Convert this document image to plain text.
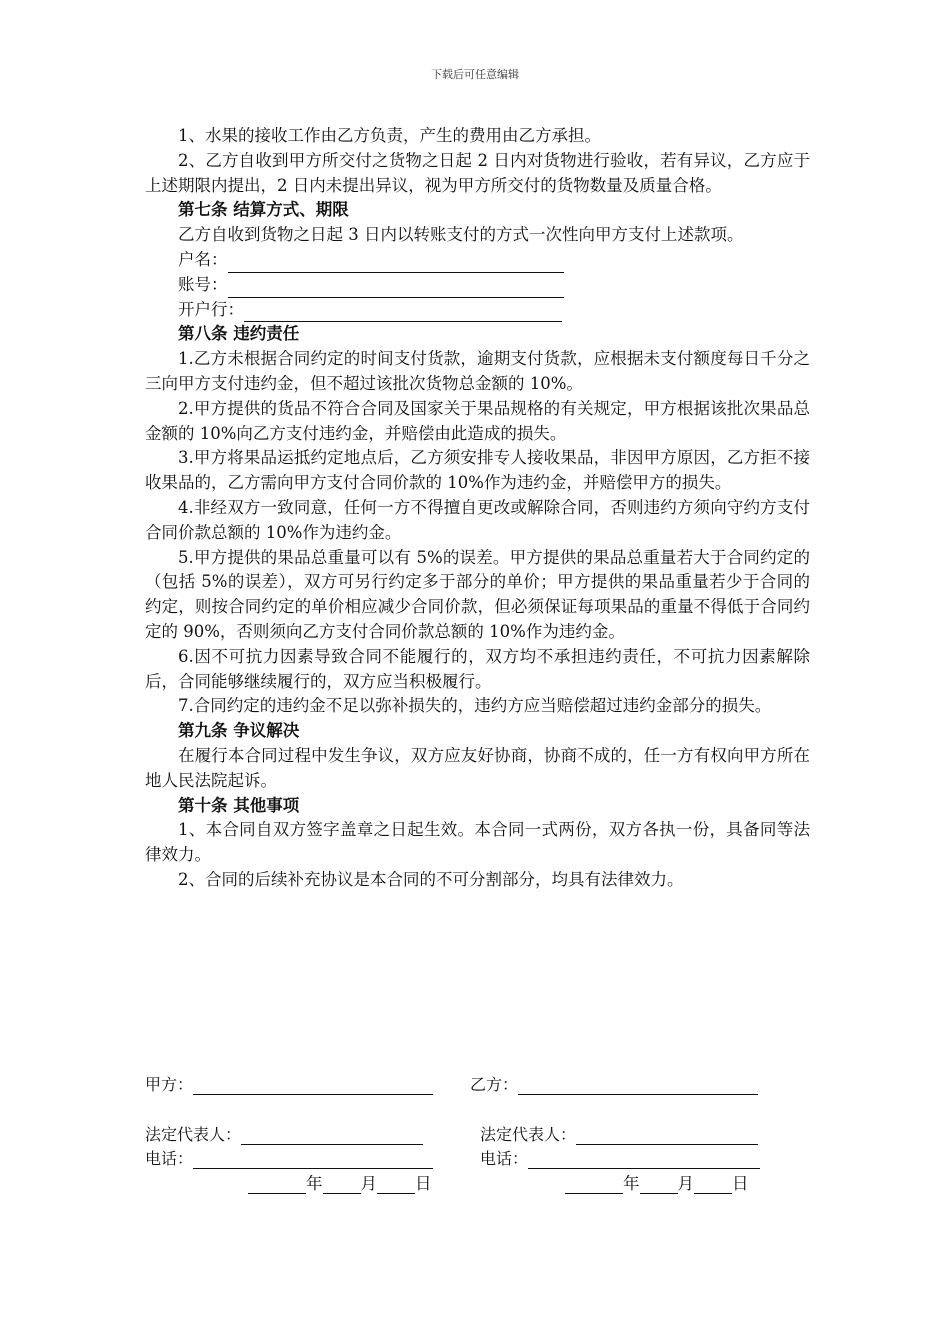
下载后可任意编辑

1、水果的接收工作由乙方负责，产生的费用由乙方承担。

2、乙方自收到甲方所交付之货物之日起 2 日内对货物进行验收，若有异议，乙方应于上述期限内提出，2 日内未提出异议，视为甲方所交付的货物数量及质量合格。

第七条 结算方式、期限

乙方自收到货物之日起 3 日内以转账支付的方式一次性向甲方支付上述款项。

户名：
账号：
开户行：

第八条 违约责任

1.乙方未根据合同约定的时间支付货款，逾期支付货款，应根据未支付额度每日千分之三向甲方支付违约金，但不超过该批次货物总金额的 10%。

2.甲方提供的货品不符合合同及国家关于果品规格的有关规定，甲方根据该批次果品总金额的 10%向乙方支付违约金，并赔偿由此造成的损失。

3.甲方将果品运抵约定地点后，乙方须安排专人接收果品，非因甲方原因，乙方拒不接收果品的，乙方需向甲方支付合同价款的 10%作为违约金，并赔偿甲方的损失。

4.非经双方一致同意，任何一方不得擅自更改或解除合同，否则违约方须向守约方支付合同价款总额的 10%作为违约金。

5.甲方提供的果品总重量可以有 5%的误差。甲方提供的果品总重量若大于合同约定的（包括 5%的误差），双方可另行约定多于部分的单价；甲方提供的果品重量若少于合同的约定，则按合同约定的单价相应减少合同价款，但必须保证每项果品的重量不得低于合同约定的 90%，否则须向乙方支付合同价款总额的 10%作为违约金。

6.因不可抗力因素导致合同不能履行的，双方均不承担违约责任，不可抗力因素解除后，合同能够继续履行的，双方应当积极履行。

7.合同约定的违约金不足以弥补损失的，违约方应当赔偿超过违约金部分的损失。

第九条 争议解决

在履行本合同过程中发生争议，双方应友好协商，协商不成的，任一方有权向甲方所在地人民法院起诉。

第十条 其他事项

1、本合同自双方签字盖章之日起生效。本合同一式两份，双方各执一份，具备同等法律效力。

2、合同的后续补充协议是本合同的不可分割部分，均具有法律效力。

甲方：	乙方：
法定代表人：	法定代表人：
电话：	电话：
年 月 日	年 月 日
